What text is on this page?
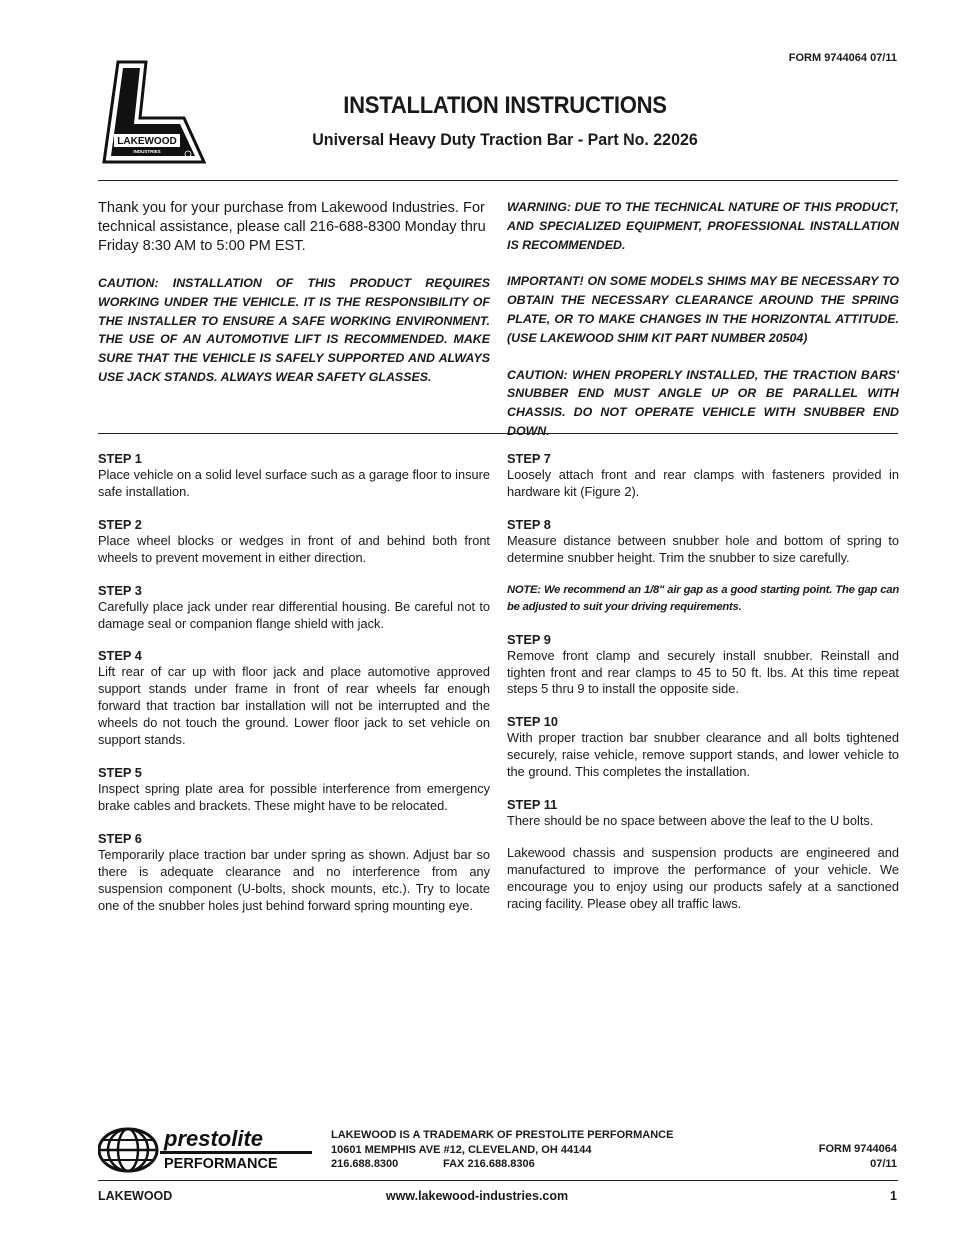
FORM 9744064 07/11
LAKEWOOD
INDUSTRIES
INSTALLATION INSTRUCTIONS
Universal Heavy Duty Traction Bar - Part No. 22026
Thank you for your purchase from Lakewood Industries. For technical assistance, please call 216-688-8300 Monday thru Friday 8:30 AM to 5:00 PM EST.
CAUTION: INSTALLATION OF THIS PRODUCT REQUIRES WORKING UNDER THE VEHICLE. IT IS THE RESPONSIBILITY OF THE INSTALLER TO ENSURE A SAFE WORKING ENVIRONMENT. THE USE OF AN AUTOMOTIVE LIFT IS RECOMMENDED. MAKE SURE THAT THE VEHICLE IS SAFELY SUPPORTED AND ALWAYS USE JACK STANDS. ALWAYS WEAR SAFETY GLASSES.
WARNING: DUE TO THE TECHNICAL NATURE OF THIS PRODUCT, AND SPECIALIZED EQUIPMENT, PROFESSIONAL INSTALLATION IS RECOMMENDED.
IMPORTANT! ON SOME MODELS SHIMS MAY BE NECESSARY TO OBTAIN THE NECESSARY CLEARANCE AROUND THE SPRING PLATE, OR TO MAKE CHANGES IN THE HORIZONTAL ATTITUDE. (USE LAKEWOOD SHIM KIT PART NUMBER 20504)
CAUTION: WHEN PROPERLY INSTALLED, THE TRACTION BARS' SNUBBER END MUST ANGLE UP OR BE PARALLEL WITH CHASSIS. DO NOT OPERATE VEHICLE WITH SNUBBER END DOWN.
STEP 1

Place vehicle on a solid level surface such as a garage floor to insure safe installation.

STEP 2

Place wheel blocks or wedges in front of and behind both front wheels to prevent movement in either direction.

STEP 3

Carefully place jack under rear differential housing. Be careful not to damage seal or companion flange shield with jack.

STEP 4

Lift rear of car up with floor jack and place automotive approved support stands under frame in front of rear wheels far enough forward that traction bar installation will not be interrupted and the wheels do not touch the ground. Lower floor jack to set vehicle on support stands.

STEP 5

Inspect spring plate area for possible interference from emergency brake cables and brackets. These might have to be relocated.

STEP 6

Temporarily place traction bar under spring as shown. Adjust bar so there is adequate clearance and no interference from any suspension component (U-bolts, shock mounts, etc.). Try to locate one of the snubber holes just behind forward spring mounting eye.

STEP 7

Loosely attach front and rear clamps with fasteners provided in hardware kit (Figure 2).

STEP 8

Measure distance between snubber hole and bottom of spring to determine snubber height. Trim the snubber to size carefully.

NOTE: We recommend an 1/8" air gap as a good starting point. The gap can be adjusted to suit your driving requirements.
STEP 9

Remove front clamp and securely install snubber. Reinstall and tighten front and rear clamps to 45 to 50 ft. lbs. At this time repeat steps 5 thru 9 to install the opposite side.

STEP 10

With proper traction bar snubber clearance and all bolts tightened securely, raise vehicle, remove support stands, and lower vehicle to the ground. This completes the installation.

STEP 11

There should be no space between above the leaf to the U bolts.

Lakewood chassis and suspension products are engineered and manufactured to improve the performance of your vehicle. We encourage you to enjoy using our products safely at a sanctioned racing facility. Please obey all traffic laws.
prestolite
PERFORMANCE
LAKEWOOD IS A TRADEMARK OF PRESTOLITE PERFORMANCE
10601 MEMPHIS AVE #12, CLEVELAND, OH 44144
216.688.8300	FAX 216.688.8306
FORM 9744064
07/11
LAKEWOOD	www.lakewood-industries.com	1
